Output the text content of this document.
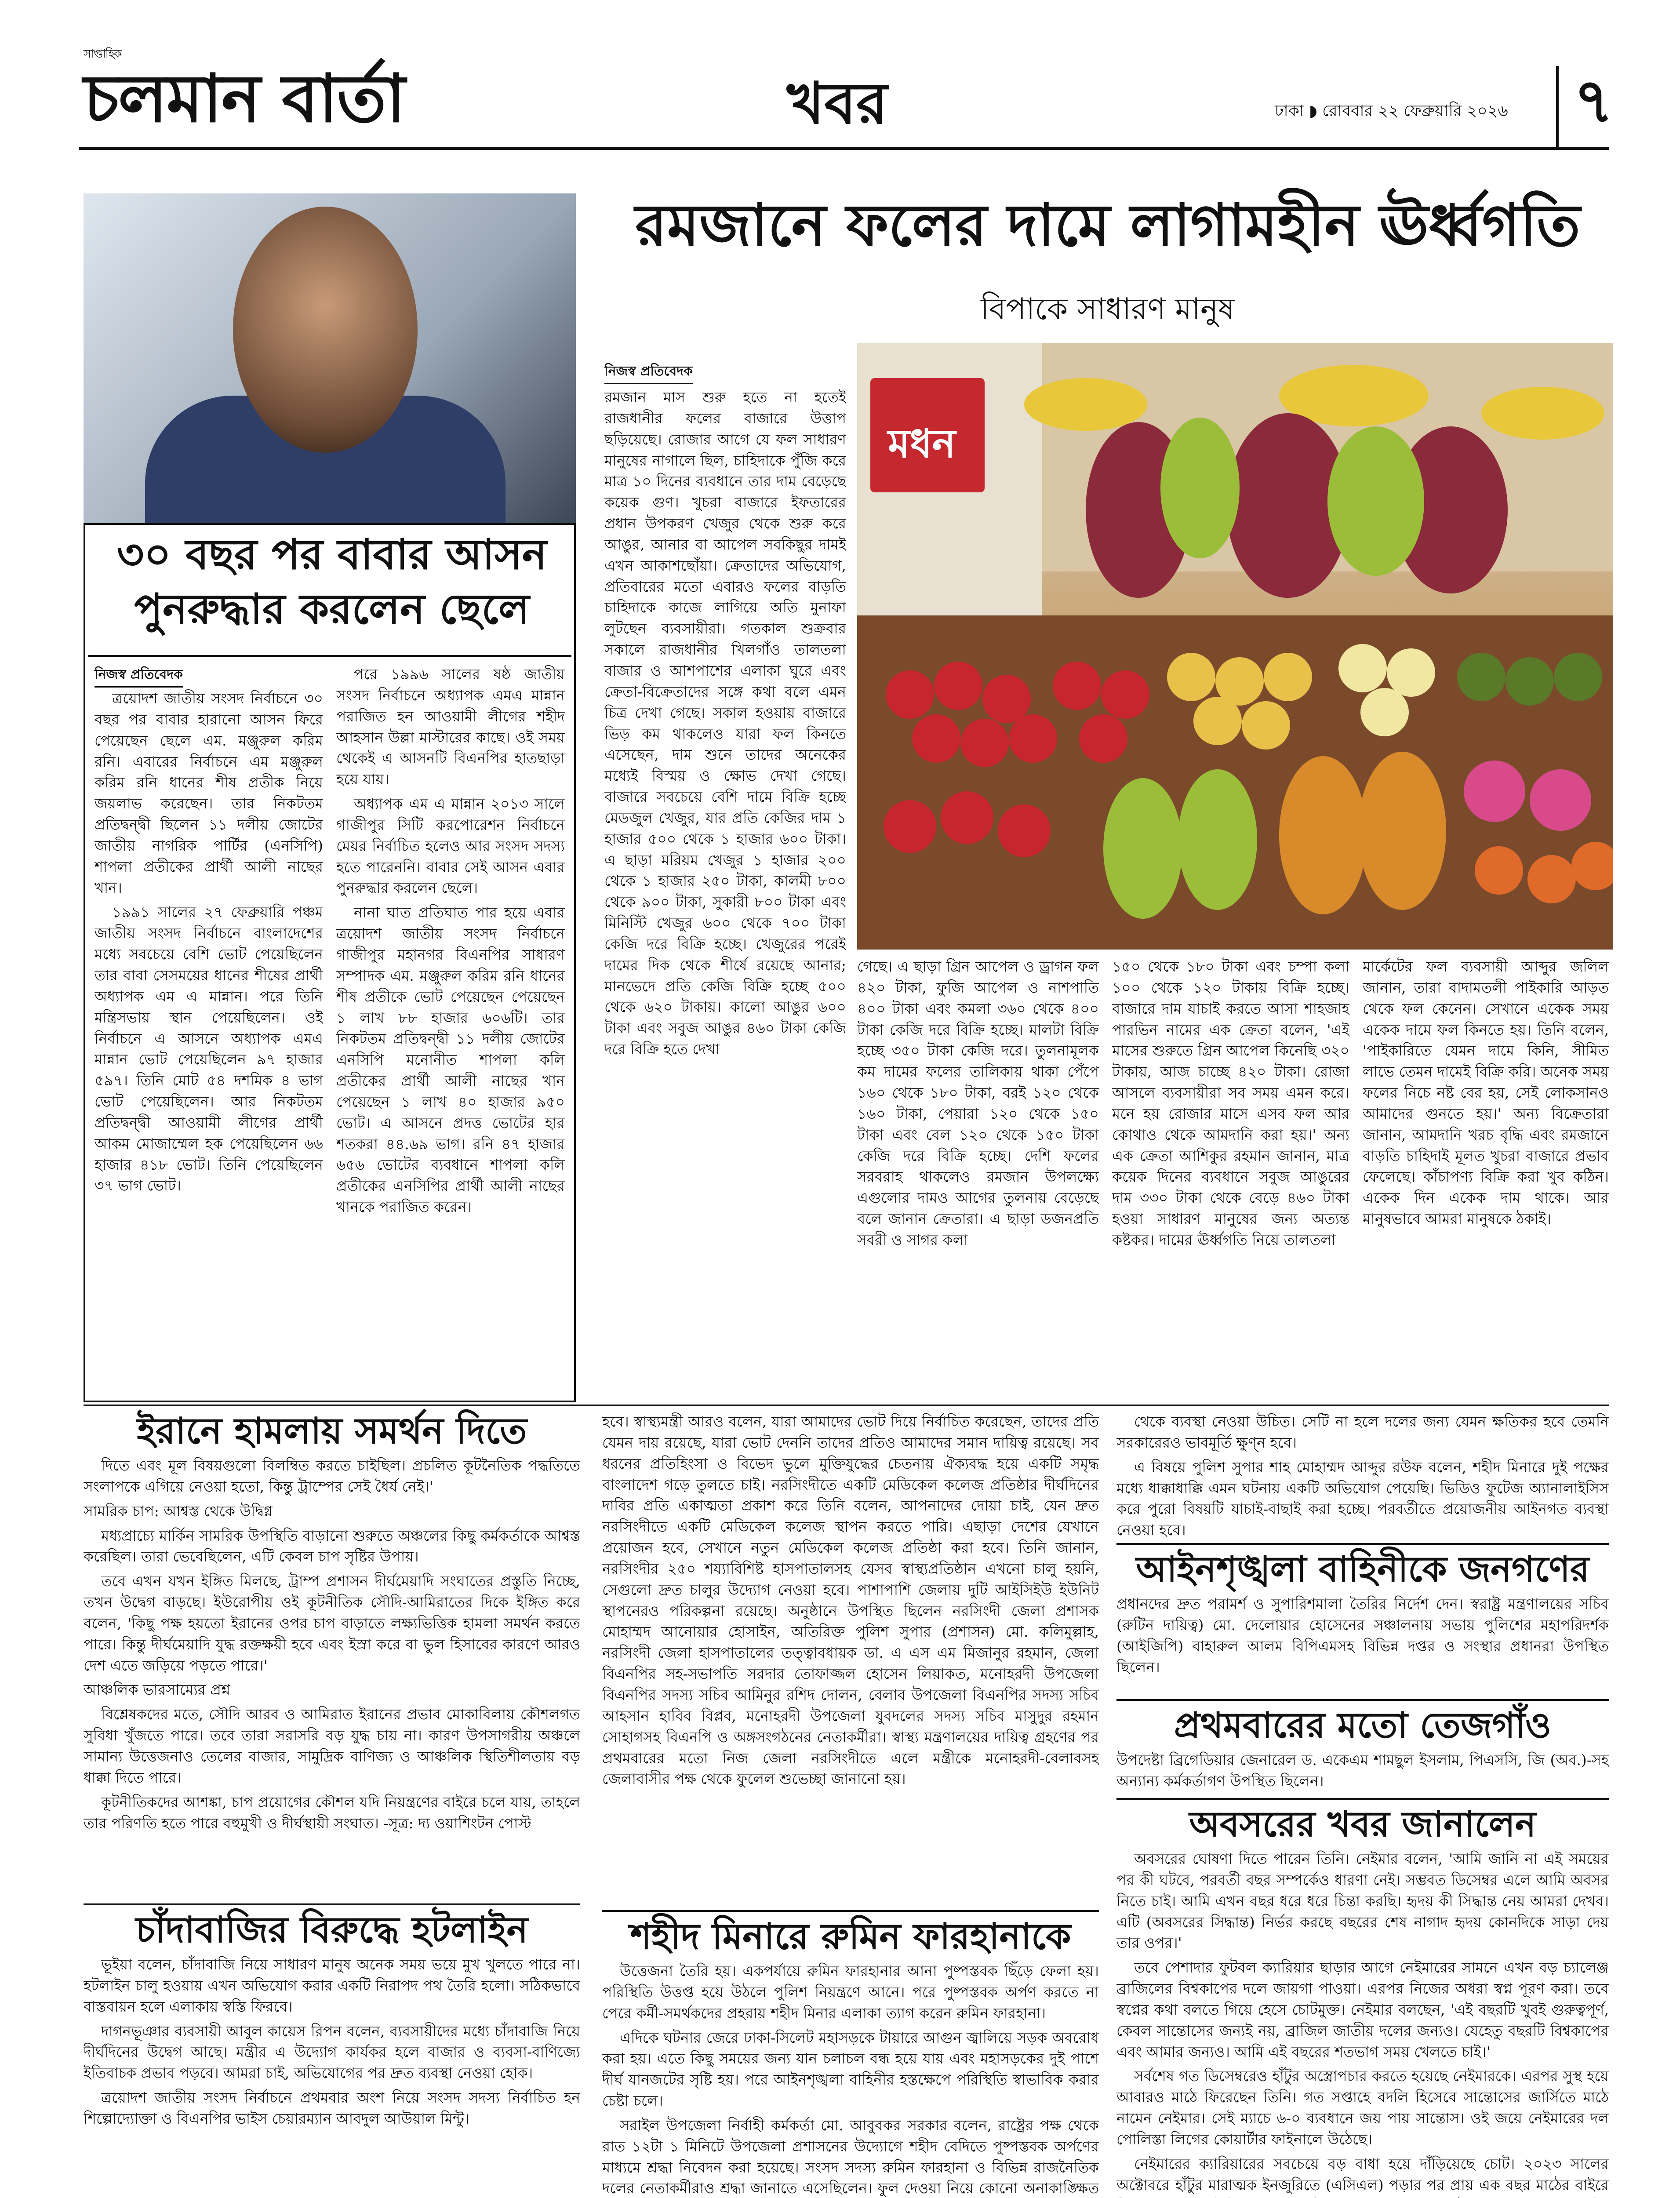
সাপ্তাহিক
চলমান বার্তা	খবর	ঢাকা ◗ রোববার ২২ ফেব্রুয়ারি ২০২৬ ৭
৩০ বছর পর বাবার আসন
পুনরুদ্ধার করলেন ছেলে
নিজস্ব প্রতিবেদক

ত্রয়োদশ জাতীয় সংসদ নির্বাচনে ৩০ বছর পর বাবার হারানো আসন ফিরে পেয়েছেন ছেলে এম. মঞ্জুরুল করিম রনি। এবারের নির্বাচনে এম মঞ্জুরুল করিম রনি ধানের শীষ প্রতীক নিয়ে জয়লাভ করেছেন। তার নিকটতম প্রতিদ্বন্দ্বী ছিলেন ১১ দলীয় জোটের জাতীয় নাগরিক পার্টির (এনসিপি) শাপলা প্রতীকের প্রার্থী আলী নাছের খান।

১৯৯১ সালের ২৭ ফেব্রুয়ারি পঞ্চম জাতীয় সংসদ নির্বাচনে বাংলাদেশের মধ্যে সবচেয়ে বেশি ভোট পেয়েছিলেন তার বাবা সেসময়ের ধানের শীষের প্রার্থী অধ্যাপক এম এ মান্নান। পরে তিনি মন্ত্রিসভায় স্থান পেয়েছিলেন। ওই নির্বাচনে এ আসনে অধ্যাপক এমএ মান্নান ভোট পেয়েছিলেন ৯৭ হাজার ৫৯৭। তিনি মোট ৫৪ দশমিক ৪ ভাগ ভোট পেয়েছিলেন। আর নিকটতম প্রতিদ্বন্দ্বী আওয়ামী লীগের প্রার্থী আকম মোজাম্মেল হক পেয়েছিলেন ৬৬ হাজার ৪১৮ ভোট। তিনি পেয়েছিলেন ৩৭ ভাগ ভোট।

পরে ১৯৯৬ সালের ষষ্ঠ জাতীয় সংসদ নির্বাচনে অধ্যাপক এমএ মান্নান পরাজিত হন আওয়ামী লীগের শহীদ আহসান উল্লা মাস্টারের কাছে। ওই সময় থেকেই এ আসনটি বিএনপির হাতছাড়া হয়ে যায়।

অধ্যাপক এম এ মান্নান ২০১৩ সালে গাজীপুর সিটি করপোরেশন নির্বাচনে মেয়র নির্বাচিত হলেও আর সংসদ সদস্য হতে পারেননি। বাবার সেই আসন এবার পুনরুদ্ধার করলেন ছেলে।

নানা ঘাত প্রতিঘাত পার হয়ে এবার ত্রয়োদশ জাতীয় সংসদ নির্বাচনে গাজীপুর মহানগর বিএনপির সাধারণ সম্পাদক এম. মঞ্জুরুল করিম রনি ধানের শীষ প্রতীকে ভোট পেয়েছেন পেয়েছেন ১ লাখ ৮৮ হাজার ৬০৬টি। তার নিকটতম প্রতিদ্বন্দ্বী ১১ দলীয় জোটের এনসিপি মনোনীত শাপলা কলি প্রতীকের প্রার্থী আলী নাছের খান পেয়েছেন ১ লাখ ৪০ হাজার ৯৫০ ভোট। এ আসনে প্রদত্ত ভোটের হার শতকরা ৪৪.৬৯ ভাগ। রনি ৪৭ হাজার ৬৫৬ ভোটের ব্যবধানে শাপলা কলি প্রতীকের এনসিপির প্রার্থী আলী নাছের খানকে পরাজিত করেন।

রমজানে ফলের দামে লাগামহীন ঊর্ধ্বগতি
বিপাকে সাধারণ মানুষ
নিজস্ব প্রতিবেদক
রমজান মাস শুরু হতে না হতেই রাজধানীর ফলের বাজারে উত্তাপ ছড়িয়েছে। রোজার আগে যে ফল সাধারণ মানুষের নাগালে ছিল, চাহিদাকে পুঁজি করে মাত্র ১০ দিনের ব্যবধানে তার দাম বেড়েছে কয়েক গুণ। খুচরা বাজারে ইফতারের প্রধান উপকরণ খেজুর থেকে শুরু করে আঙুর, আনার বা আপেল সবকিছুর দামই এখন আকাশছোঁয়া। ক্রেতাদের অভিযোগ, প্রতিবারের মতো এবারও ফলের বাড়তি চাহিদাকে কাজে লাগিয়ে অতি মুনাফা লুটছেন ব্যবসায়ীরা। গতকাল শুক্রবার সকালে রাজধানীর খিলগাঁও তালতলা বাজার ও আশপাশের এলাকা ঘুরে এবং ক্রেতা-বিক্রেতাদের সঙ্গে কথা বলে এমন চিত্র দেখা গেছে। সকাল হওয়ায় বাজারে ভিড় কম থাকলেও যারা ফল কিনতে এসেছেন, দাম শুনে তাদের অনেকের মধ্যেই বিস্ময় ও ক্ষোভ দেখা গেছে। বাজারে সবচেয়ে বেশি দামে বিক্রি হচ্ছে মেডজুল খেজুর, যার প্রতি কেজির দাম ১ হাজার ৫০০ থেকে ১ হাজার ৬০০ টাকা। এ ছাড়া মরিয়ম খেজুর ১ হাজার ২০০ থেকে ১ হাজার ২৫০ টাকা, কালমী ৮০০ থেকে ৯০০ টাকা, সুকারী ৮০০ টাকা এবং মিনিস্টি খেজুর ৬০০ থেকে ৭০০ টাকা কেজি দরে বিক্রি হচ্ছে। খেজুরের পরেই দামের দিক থেকে শীর্ষে রয়েছে আনার; মানভেদে প্রতি কেজি বিক্রি হচ্ছে ৫০০ থেকে ৬২০ টাকায়। কালো আঙুর ৬০০ টাকা এবং সবুজ আঙুর ৪৬০ টাকা কেজি দরে বিক্রি হতে দেখা
মধন
গেছে। এ ছাড়া গ্রিন আপেল ও ড্রাগন ফল ৪২০ টাকা, ফুজি আপেল ও নাশপাতি ৪০০ টাকা এবং কমলা ৩৬০ থেকে ৪০০ টাকা কেজি দরে বিক্রি হচ্ছে। মালটা বিক্রি হচ্ছে ৩৫০ টাকা কেজি দরে। তুলনামূলক কম দামের ফলের তালিকায় থাকা পেঁপে ১৬০ থেকে ১৮০ টাকা, বরই ১২০ থেকে ১৬০ টাকা, পেয়ারা ১২০ থেকে ১৫০ টাকা এবং বেল ১২০ থেকে ১৫০ টাকা কেজি দরে বিক্রি হচ্ছে। দেশি ফলের সরবরাহ থাকলেও রমজান উপলক্ষ্যে এগুলোর দামও আগের তুলনায় বেড়েছে বলে জানান ক্রেতারা। এ ছাড়া ডজনপ্রতি সবরী ও সাগর কলা
১৫০ থেকে ১৮০ টাকা এবং চম্পা কলা ১০০ থেকে ১২০ টাকায় বিক্রি হচ্ছে। বাজারে দাম যাচাই করতে আসা শাহজাহ পারভিন নামের এক ক্রেতা বলেন, 'এই মাসের শুরুতে গ্রিন আপেল কিনেছি ৩২০ টাকায়, আজ চাচ্ছে ৪২০ টাকা। রোজা আসলে ব্যবসায়ীরা সব সময় এমন করে। মনে হয় রোজার মাসে এসব ফল আর কোথাও থেকে আমদানি করা হয়।' অন্য এক ক্রেতা আশিকুর রহমান জানান, মাত্র কয়েক দিনের ব্যবধানে সবুজ আঙুরের দাম ৩৩০ টাকা থেকে বেড়ে ৪৬০ টাকা হওয়া সাধারণ মানুষের জন্য অত্যন্ত কষ্টকর। দামের ঊর্ধ্বগতি নিয়ে তালতলা
মার্কেটের ফল ব্যবসায়ী আব্দুর জলিল জানান, তারা বাদামতলী পাইকারি আড়ত থেকে ফল কেনেন। সেখানে একেক সময় একেক দামে ফল কিনতে হয়। তিনি বলেন, 'পাইকারিতে যেমন দামে কিনি, সীমিত লাভে তেমন দামেই বিক্রি করি। অনেক সময় ফলের নিচে নষ্ট বের হয়, সেই লোকসানও আমাদের গুনতে হয়।' অন্য বিক্রেতারা জানান, আমদানি খরচ বৃদ্ধি এবং রমজানে বাড়তি চাহিদাই মূলত খুচরা বাজারে প্রভাব ফেলেছে। কাঁচাপণ্য বিক্রি করা খুব কঠিন। একেক দিন একেক দাম থাকে। আর মানুষভাবে আমরা মানুষকে ঠকাই।
ইরানে হামলায় সমর্থন দিতে

দিতে এবং মূল বিষয়গুলো বিলম্বিত করতে চাইছিল। প্রচলিত কূটনৈতিক পদ্ধতিতে সংলাপকে এগিয়ে নেওয়া হতো, কিন্তু ট্রাম্পের সেই ধৈর্য নেই।'

সামরিক চাপ: আশ্বস্ত থেকে উদ্বিগ্ন

মধ্যপ্রাচ্যে মার্কিন সামরিক উপস্থিতি বাড়ানো শুরুতে অঞ্চলের কিছু কর্মকর্তাকে আশ্বস্ত করেছিল। তারা ভেবেছিলেন, এটি কেবল চাপ সৃষ্টির উপায়।

তবে এখন যখন ইঙ্গিত মিলছে, ট্রাম্প প্রশাসন দীর্ঘমেয়াদি সংঘাতের প্রস্তুতি নিচ্ছে, তখন উদ্বেগ বাড়ছে। ইউরোপীয় ওই কূটনীতিক সৌদি-আমিরাতের দিকে ইঙ্গিত করে বলেন, 'কিছু পক্ষ হয়তো ইরানের ওপর চাপ বাড়াতে লক্ষ্যভিত্তিক হামলা সমর্থন করতে পারে। কিন্তু দীর্ঘমেয়াদি যুদ্ধ রক্তক্ষয়ী হবে এবং ইস্রা করে বা ভুল হিসাবের কারণে আরও দেশ এতে জড়িয়ে পড়তে পারে।'

আঞ্চলিক ভারসাম্যের প্রশ্ন

বিশ্লেষকদের মতে, সৌদি আরব ও আমিরাত ইরানের প্রভাব মোকাবিলায় কৌশলগত সুবিধা খুঁজতে পারে। তবে তারা সরাসরি বড় যুদ্ধ চায় না। কারণ উপসাগরীয় অঞ্চলে সামান্য উত্তেজনাও তেলের বাজার, সামুদ্রিক বাণিজ্য ও আঞ্চলিক স্থিতিশীলতায় বড় ধাক্কা দিতে পারে।

কূটনীতিকদের আশঙ্কা, চাপ প্রয়োগের কৌশল যদি নিয়ন্ত্রণের বাইরে চলে যায়, তাহলে তার পরিণতি হতে পারে বহুমুখী ও দীর্ঘস্থায়ী সংঘাত। -সূত্র: দ্য ওয়াশিংটন পোস্ট

চাঁদাবাজির বিরুদ্ধে হটলাইন

ভূইয়া বলেন, চাঁদাবাজি নিয়ে সাধারণ মানুষ অনেক সময় ভয়ে মুখ খুলতে পারে না। হটলাইন চালু হওয়ায় এখন অভিযোগ করার একটি নিরাপদ পথ তৈরি হলো। সঠিকভাবে বাস্তবায়ন হলে এলাকায় স্বস্তি ফিরবে।

দাগনভূঞার ব্যবসায়ী আবুল কায়েস রিপন বলেন, ব্যবসায়ীদের মধ্যে চাঁদাবাজি নিয়ে দীর্ঘদিনের উদ্বেগ আছে। মন্ত্রীর এ উদ্যোগ কার্যকর হলে বাজার ও ব্যবসা-বাণিজ্যে ইতিবাচক প্রভাব পড়বে। আমরা চাই, অভিযোগের পর দ্রুত ব্যবস্থা নেওয়া হোক।

ত্রয়োদশ জাতীয় সংসদ নির্বাচনে প্রথমবার অংশ নিয়ে সংসদ সদস্য নির্বাচিত হন শিল্পোদ্যোক্তা ও বিএনপির ভাইস চেয়ারম্যান আবদুল আউয়াল মিন্টু।

হবে। স্বাস্থ্যমন্ত্রী আরও বলেন, যারা আমাদের ভোট দিয়ে নির্বাচিত করেছেন, তাদের প্রতি যেমন দায় রয়েছে, যারা ভোট দেননি তাদের প্রতিও আমাদের সমান দায়িত্ব রয়েছে। সব ধরনের প্রতিহিংসা ও বিভেদ ভুলে মুক্তিযুদ্ধের চেতনায় ঐক্যবদ্ধ হয়ে একটি সমৃদ্ধ বাংলাদেশ গড়ে তুলতে চাই। নরসিংদীতে একটি মেডিকেল কলেজ প্রতিষ্ঠার দীর্ঘদিনের দাবির প্রতি একাত্মতা প্রকাশ করে তিনি বলেন, আপনাদের দোয়া চাই, যেন দ্রুত নরসিংদীতে একটি মেডিকেল কলেজ স্থাপন করতে পারি। এছাড়া দেশের যেখানে প্রয়োজন হবে, সেখানে নতুন মেডিকেল কলেজ প্রতিষ্ঠা করা হবে। তিনি জানান, নরসিংদীর ২৫০ শয্যাবিশিষ্ট হাসপাতালসহ যেসব স্বাস্থ্যপ্রতিষ্ঠান এখনো চালু হয়নি, সেগুলো দ্রুত চালুর উদ্যোগ নেওয়া হবে। পাশাপাশি জেলায় দুটি আইসিইউ ইউনিট স্থাপনেরও পরিকল্পনা রয়েছে। অনুষ্ঠানে উপস্থিত ছিলেন নরসিংদী জেলা প্রশাসক মোহাম্মদ আনোয়ার হোসাইন, অতিরিক্ত পুলিশ সুপার (প্রশাসন) মো. কলিমুল্লাহ, নরসিংদী জেলা হাসপাতালের তত্ত্বাবধায়ক ডা. এ এস এম মিজানুর রহমান, জেলা বিএনপির সহ-সভাপতি সরদার তোফাজ্জল হোসেন লিয়াকত, মনোহরদী উপজেলা বিএনপির সদস্য সচিব আমিনুর রশিদ দোলন, বেলাব উপজেলা বিএনপির সদস্য সচিব আহসান হাবিব বিপ্লব, মনোহরদী উপজেলা যুবদলের সদস্য সচিব মাসুদুর রহমান সোহাগসহ বিএনপি ও অঙ্গসংগঠনের নেতাকর্মীরা। স্বাস্থ্য মন্ত্রণালয়ের দায়িত্ব গ্রহণের পর প্রথমবারের মতো নিজ জেলা নরসিংদীতে এলে মন্ত্রীকে মনোহরদী-বেলাবসহ জেলাবাসীর পক্ষ থেকে ফুলেল শুভেচ্ছা জানানো হয়।
শহীদ মিনারে রুমিন ফারহানাকে

উত্তেজনা তৈরি হয়। একপর্যায়ে রুমিন ফারহানার আনা পুষ্পস্তবক ছিঁড়ে ফেলা হয়। পরিস্থিতি উত্তপ্ত হয়ে উঠলে পুলিশ নিয়ন্ত্রণে আনে। পরে পুষ্পস্তবক অর্পণ করতে না পেরে কর্মী-সমর্থকদের প্রহরায় শহীদ মিনার এলাকা ত্যাগ করেন রুমিন ফারহানা।

এদিকে ঘটনার জেরে ঢাকা-সিলেট মহাসড়কে টায়ারে আগুন জ্বালিয়ে সড়ক অবরোধ করা হয়। এতে কিছু সময়ের জন্য যান চলাচল বন্ধ হয়ে যায় এবং মহাসড়কের দুই পাশে দীর্ঘ যানজটের সৃষ্টি হয়। পরে আইনশৃঙ্খলা বাহিনীর হস্তক্ষেপে পরিস্থিতি স্বাভাবিক করার চেষ্টা চলে।

সরাইল উপজেলা নির্বাহী কর্মকর্তা মো. আবুবকর সরকার বলেন, রাষ্ট্রের পক্ষ থেকে রাত ১২টা ১ মিনিটে উপজেলা প্রশাসনের উদ্যোগে শহীদ বেদিতে পুষ্পস্তবক অর্পণের মাধ্যমে শ্রদ্ধা নিবেদন করা হয়েছে। সংসদ সদস্য রুমিন ফারহানা ও বিভিন্ন রাজনৈতিক দলের নেতাকর্মীরাও শ্রদ্ধা জানাতে এসেছিলেন। ফুল দেওয়া নিয়ে কোনো অনাকাঙ্ক্ষিত

থেকে ব্যবস্থা নেওয়া উচিত। সেটি না হলে দলের জন্য যেমন ক্ষতিকর হবে তেমনি সরকারেরও ভাবমূর্তি ক্ষুণ্ন হবে।

এ বিষয়ে পুলিশ সুপার শাহ মোহাম্মদ আব্দুর রউফ বলেন, শহীদ মিনারে দুই পক্ষের মধ্যে ধাক্কাধাক্কি এমন ঘটনায় একটি অভিযোগ পেয়েছি। ভিডিও ফুটেজ অ্যানালাইসিস করে পুরো বিষয়টি যাচাই-বাছাই করা হচ্ছে। পরবর্তীতে প্রয়োজনীয় আইনগত ব্যবস্থা নেওয়া হবে।

আইনশৃঙ্খলা বাহিনীকে জনগণের
প্রধানদের দ্রুত পরামর্শ ও সুপারিশমালা তৈরির নির্দেশ দেন। স্বরাষ্ট্র মন্ত্রণালয়ের সচিব (রুটিন দায়িত্ব) মো. দেলোয়ার হোসেনের সঞ্চালনায় সভায় পুলিশের মহাপরিদর্শক (আইজিপি) বাহারুল আলম বিপিএমসহ বিভিন্ন দপ্তর ও সংস্থার প্রধানরা উপস্থিত ছিলেন।
প্রথমবারের মতো তেজগাঁও
উপদেষ্টা ব্রিগেডিয়ার জেনারেল ড. একেএম শামছুল ইসলাম, পিএসসি, জি (অব.)-সহ অন্যান্য কর্মকর্তাগণ উপস্থিত ছিলেন।
অবসরের খবর জানালেন

অবসরের ঘোষণা দিতে পারেন তিনি। নেইমার বলেন, 'আমি জানি না এই সময়ের পর কী ঘটবে, পরবর্তী বছর সম্পর্কেও ধারণা নেই। সম্ভবত ডিসেম্বর এলে আমি অবসর নিতে চাই। আমি এখন বছর ধরে ধরে চিন্তা করছি। হৃদয় কী সিদ্ধান্ত নেয় আমরা দেখব। এটি (অবসরের সিদ্ধান্ত) নির্ভর করছে বছরের শেষ নাগাদ হৃদয় কোনদিকে সাড়া দেয় তার ওপর।'

তবে পেশাদার ফুটবল ক্যারিয়ার ছাড়ার আগে নেইমারের সামনে এখন বড় চ্যালেঞ্জ ব্রাজিলের বিশ্বকাপের দলে জায়গা পাওয়া। এরপর নিজের অধরা স্বপ্ন পূরণ করা। তবে স্বপ্নের কথা বলতে গিয়ে হেসে চোটমুক্ত। নেইমার বলছেন, 'এই বছরটি খুবই গুরুত্বপূর্ণ, কেবল সান্তোসের জন্যই নয়, ব্রাজিল জাতীয় দলের জন্যও। যেহেতু বছরটি বিশ্বকাপের এবং আমার জন্যও। আমি এই বছরের শতভাগ সময় খেলতে চাই।'

সর্বশেষ গত ডিসেম্বরেও হাঁটুর অস্ত্রোপচার করতে হয়েছে নেইমারকে। এরপর সুস্থ হয়ে আবারও মাঠে ফিরেছেন তিনি। গত সপ্তাহে বদলি হিসেবে সান্তোসের জার্সিতে মাঠে নামেন নেইমার। সেই ম্যাচে ৬-০ ব্যবধানে জয় পায় সান্তোস। ওই জয়ে নেইমারের দল পোলিস্তা লিগের কোয়ার্টার ফাইনালে উঠেছে।

নেইমারের ক্যারিয়ারের সবচেয়ে বড় বাধা হয়ে দাঁড়িয়েছে চোট। ২০২৩ সালের অক্টোবরে হাঁটুর মারাত্মক ইনজুরিতে (এসিএল) পড়ার পর প্রায় এক বছর মাঠের বাইরে
